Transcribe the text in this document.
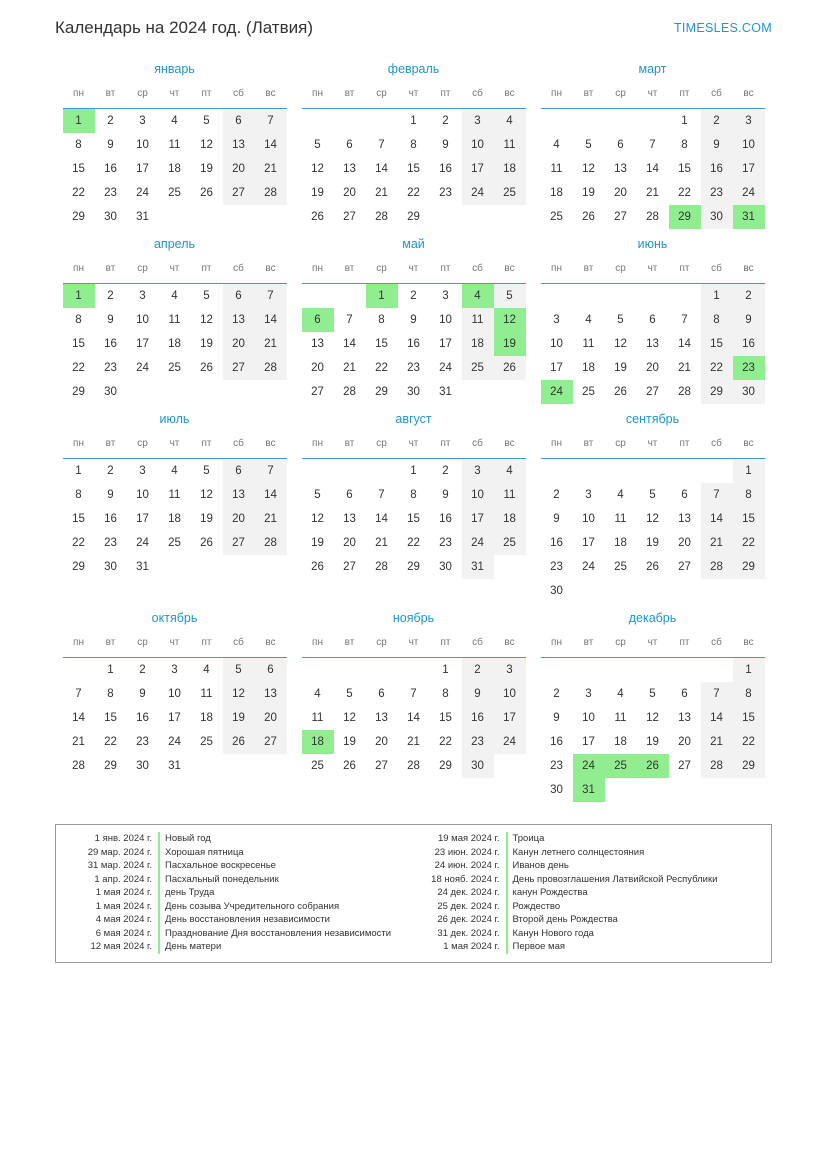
Календарь на 2024 год. (Латвия)	TIMESLES.COM
январь
пн	вт	ср	чт	пт	сб	вс

1	2	3	4	5	6	7
8	9	10	11	12	13	14
15	16	17	18	19	20	21
22	23	24	25	26	27	28
29	30	31				
февраль
пн	вт	ср	чт	пт	сб	вс

			1	2	3	4
5	6	7	8	9	10	11
12	13	14	15	16	17	18
19	20	21	22	23	24	25
26	27	28	29			
март
пн	вт	ср	чт	пт	сб	вс

				1	2	3
4	5	6	7	8	9	10
11	12	13	14	15	16	17
18	19	20	21	22	23	24
25	26	27	28	29	30	31
апрель
пн	вт	ср	чт	пт	сб	вс

1	2	3	4	5	6	7
8	9	10	11	12	13	14
15	16	17	18	19	20	21
22	23	24	25	26	27	28
29	30					
май
пн	вт	ср	чт	пт	сб	вс

		1	2	3	4	5
6	7	8	9	10	11	12
13	14	15	16	17	18	19
20	21	22	23	24	25	26
27	28	29	30	31		
июнь
пн	вт	ср	чт	пт	сб	вс

					1	2
3	4	5	6	7	8	9
10	11	12	13	14	15	16
17	18	19	20	21	22	23
24	25	26	27	28	29	30
июль
пн	вт	ср	чт	пт	сб	вс

1	2	3	4	5	6	7
8	9	10	11	12	13	14
15	16	17	18	19	20	21
22	23	24	25	26	27	28
29	30	31				
август
пн	вт	ср	чт	пт	сб	вс

			1	2	3	4
5	6	7	8	9	10	11
12	13	14	15	16	17	18
19	20	21	22	23	24	25
26	27	28	29	30	31	
сентябрь
пн	вт	ср	чт	пт	сб	вс

						1
2	3	4	5	6	7	8
9	10	11	12	13	14	15
16	17	18	19	20	21	22
23	24	25	26	27	28	29
30						
октябрь
пн	вт	ср	чт	пт	сб	вс

	1	2	3	4	5	6
7	8	9	10	11	12	13
14	15	16	17	18	19	20
21	22	23	24	25	26	27
28	29	30	31			
ноябрь
пн	вт	ср	чт	пт	сб	вс

				1	2	3
4	5	6	7	8	9	10
11	12	13	14	15	16	17
18	19	20	21	22	23	24
25	26	27	28	29	30	
декабрь
пн	вт	ср	чт	пт	сб	вс

						1
2	3	4	5	6	7	8
9	10	11	12	13	14	15
16	17	18	19	20	21	22
23	24	25	26	27	28	29
30	31					
1 янв. 2024 г.	Новый год
29 мар. 2024 г.	Хорошая пятница
31 мар. 2024 г.	Пасхальное воскресенье
1 апр. 2024 г.	Пасхальный понедельник
1 мая 2024 г.	день Труда
1 мая 2024 г.	День созыва Учредительного собрания
4 мая 2024 г.	День восстановления независимости
6 мая 2024 г.	Празднование Дня восстановления независимости
12 мая 2024 г.	День матери
19 мая 2024 г.	Троица
23 июн. 2024 г.	Канун летнего солнцестояния
24 июн. 2024 г.	Иванов день
18 нояб. 2024 г.	День провозглашения Латвийской Республики
24 дек. 2024 г.	канун Рождества
25 дек. 2024 г.	Рождество
26 дек. 2024 г.	Второй день Рождества
31 дек. 2024 г.	Канун Нового года
1 мая 2024 г.	Первое мая
